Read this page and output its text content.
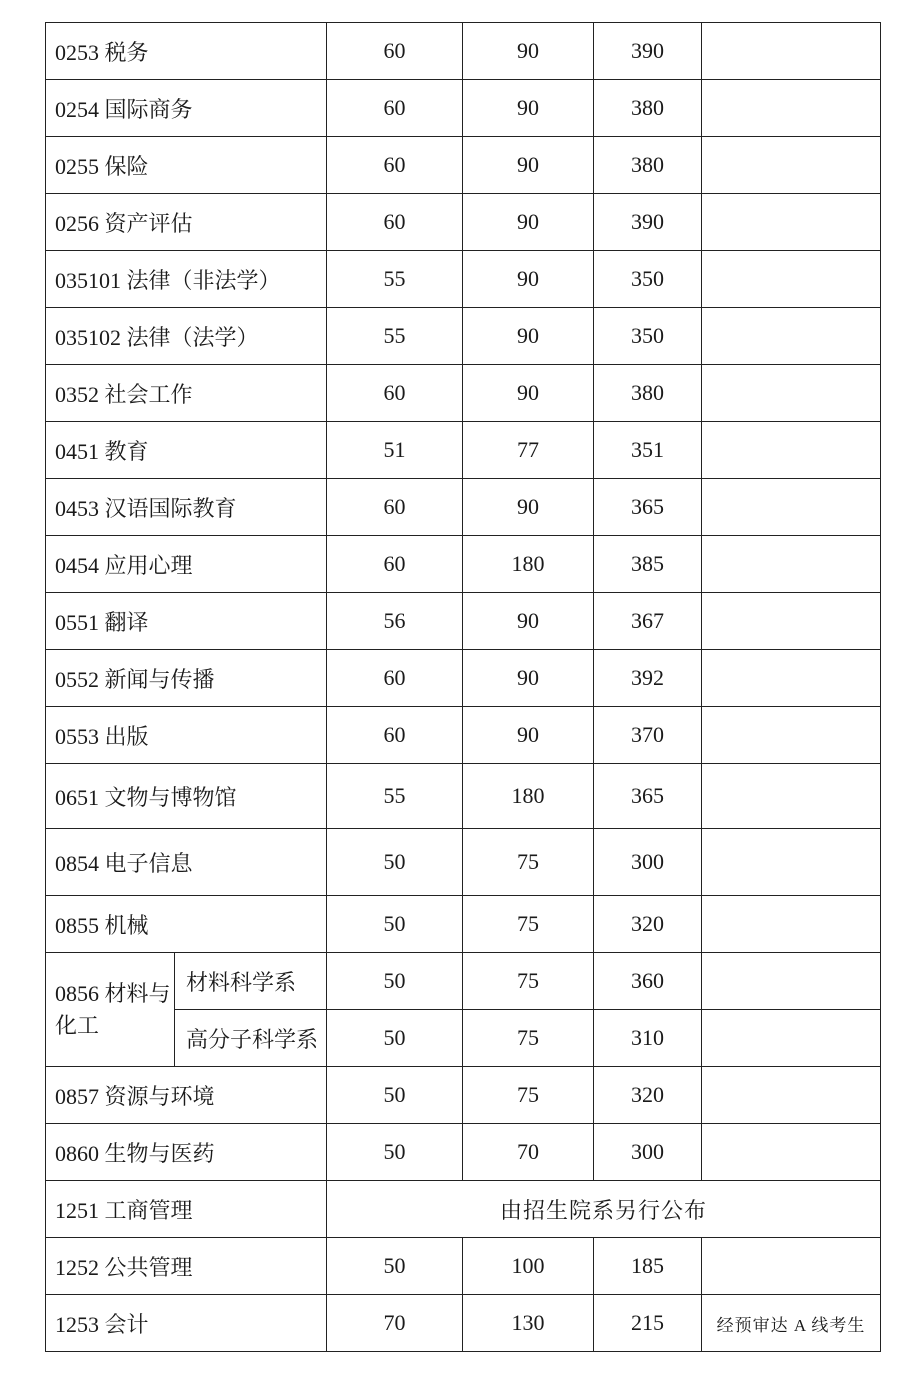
0253 税务		60	90	390	
0254 国际商务		60	90	380	
0255 保险		60	90	380	
0256 资产评估		60	90	390	
035101 法律（非法学）		55	90	350	
035102 法律（法学）		55	90	350	
0352 社会工作		60	90	380	
0451 教育		51	77	351	
0453 汉语国际教育		60	90	365	
0454 应用心理		60	180	385	
0551 翻译		56	90	367	
0552 新闻与传播		60	90	392	
0553 出版		60	90	370	
0651 文物与博物馆		55	180	365	
0854 电子信息		50	75	300	
0855 机械		50	75	320	
0856 材料与化工	材料科学系	50	75	360	
	高分子科学系	50	75	310	
0857 资源与环境		50	75	320	
0860 生物与医药		50	70	300	
1251 工商管理		由招生院系另行公布			
1252 公共管理		50	100	185	
1253 会计		70	130	215	经预审达 A 线考生
